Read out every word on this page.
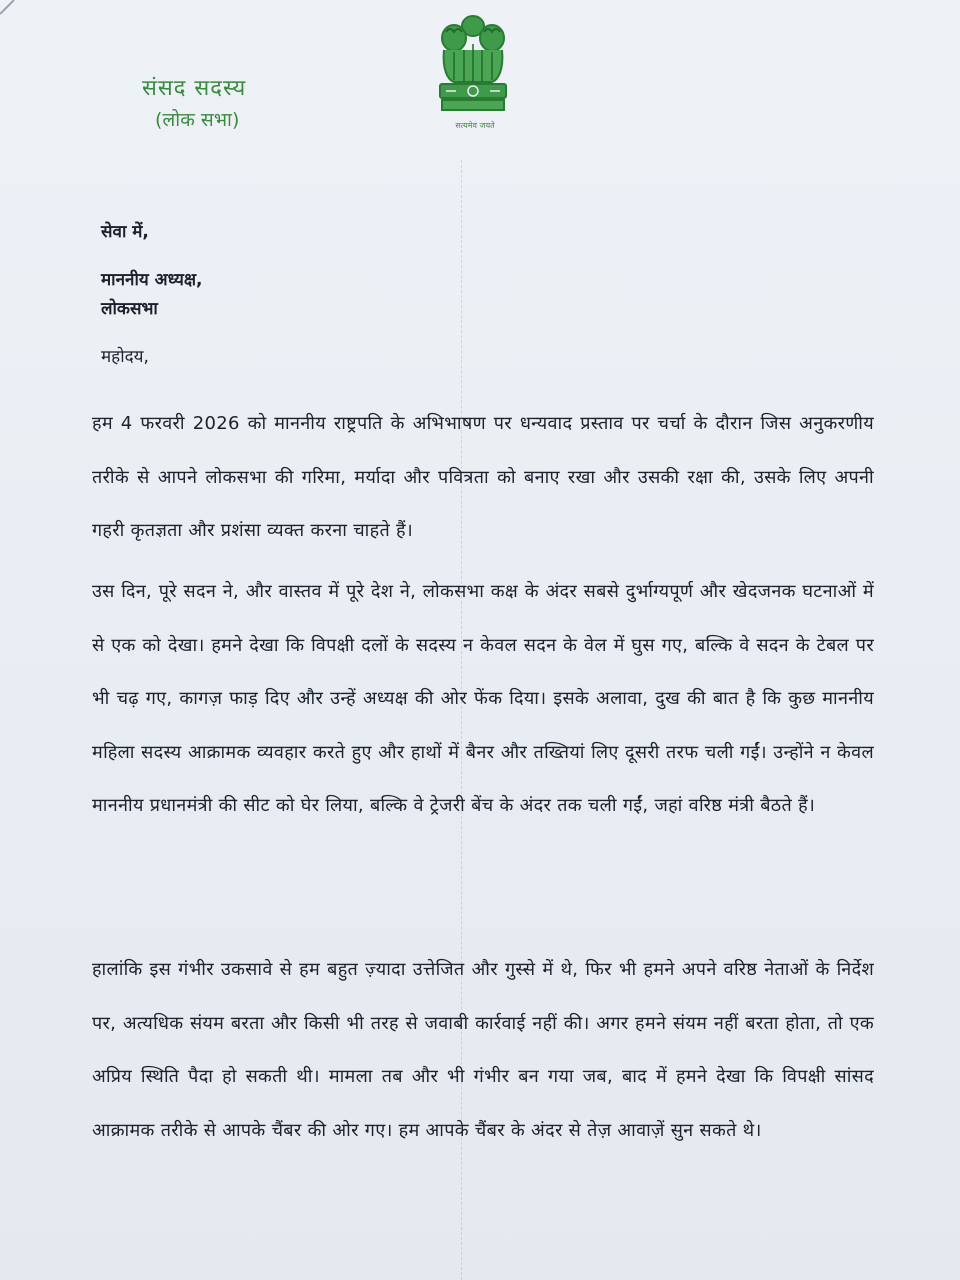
संसद सदस्य
(लोक सभा)	सत्यमेव जयते
सेवा में,
माननीय अध्यक्ष,
लोकसभा
महोदय,
हम 4 फरवरी 2026 को माननीय राष्ट्रपति के अभिभाषण पर धन्यवाद प्रस्ताव पर चर्चा के दौरान जिस अनुकरणीय तरीके से आपने लोकसभा की गरिमा, मर्यादा और पवित्रता को बनाए रखा और उसकी रक्षा की, उसके लिए अपनी गहरी कृतज्ञता और प्रशंसा व्यक्त करना चाहते हैं।
उस दिन, पूरे सदन ने, और वास्तव में पूरे देश ने, लोकसभा कक्ष के अंदर सबसे दुर्भाग्यपूर्ण और खेदजनक घटनाओं में से एक को देखा। हमने देखा कि विपक्षी दलों के सदस्य न केवल सदन के वेल में घुस गए, बल्कि वे सदन के टेबल पर भी चढ़ गए, कागज़ फाड़ दिए और उन्हें अध्यक्ष की ओर फेंक दिया। इसके अलावा, दुख की बात है कि कुछ माननीय महिला सदस्य आक्रामक व्यवहार करते हुए और हाथों में बैनर और तख्तियां लिए दूसरी तरफ चली गईं। उन्होंने न केवल माननीय प्रधानमंत्री की सीट को घेर लिया, बल्कि वे ट्रेजरी बेंच के अंदर तक चली गईं, जहां वरिष्ठ मंत्री बैठते हैं।
हालांकि इस गंभीर उकसावे से हम बहुत ज़्यादा उत्तेजित और गुस्से में थे, फिर भी हमने अपने वरिष्ठ नेताओं के निर्देश पर, अत्यधिक संयम बरता और किसी भी तरह से जवाबी कार्रवाई नहीं की। अगर हमने संयम नहीं बरता होता, तो एक अप्रिय स्थिति पैदा हो सकती थी। मामला तब और भी गंभीर बन गया जब, बाद में हमने देखा कि विपक्षी सांसद आक्रामक तरीके से आपके चैंबर की ओर गए। हम आपके चैंबर के अंदर से तेज़ आवाज़ें सुन सकते थे।
